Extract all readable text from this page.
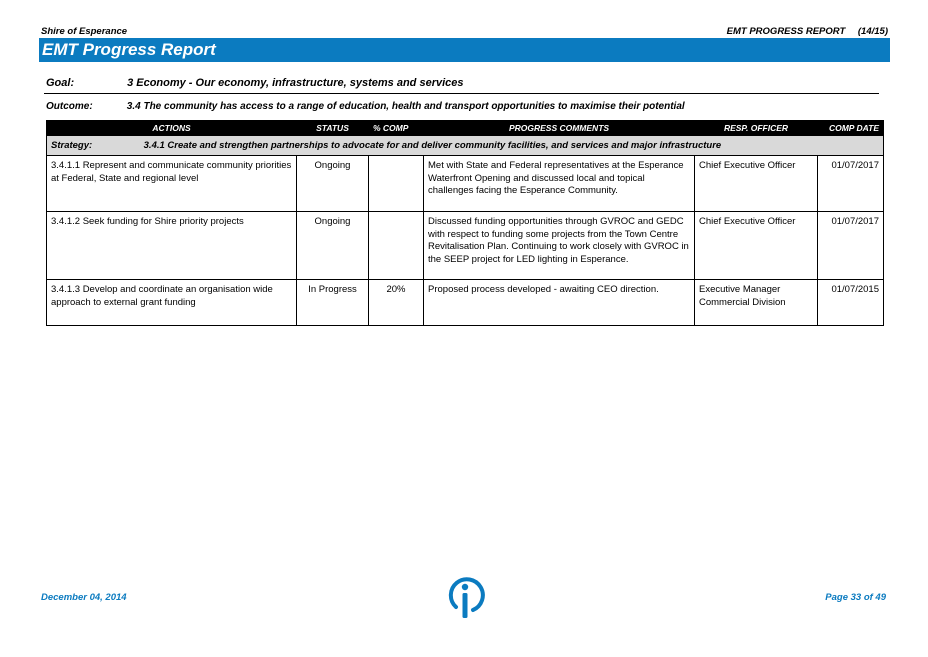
Shire of Esperance	EMT PROGRESS REPORT (14/15)
EMT Progress Report
Goal:	3 Economy - Our economy, infrastructure, systems and services
Outcome:	3.4 The community has access to a range of education, health and transport opportunities to maximise their potential
ACTIONS	STATUS	% COMP	PROGRESS COMMENTS	RESP. OFFICER	COMP DATE
Strategy: 3.4.1 Create and strengthen partnerships to advocate for and deliver community facilities, and services and major infrastructure					
3.4.1.1 Represent and communicate community priorities at Federal, State and regional level	Ongoing		Met with State and Federal representatives at the Esperance Waterfront Opening and discussed local and topical challenges facing the Esperance Community.	Chief Executive Officer	01/07/2017
3.4.1.2 Seek funding for Shire priority projects	Ongoing		Discussed funding opportunities through GVROC and GEDC with respect to funding some projects from the Town Centre Revitalisation Plan. Continuing to work closely with GVROC in the SEEP project for LED lighting in Esperance.	Chief Executive Officer	01/07/2017
3.4.1.3 Develop and coordinate an organisation wide approach to external grant funding	In Progress	20%	Proposed process developed - awaiting CEO direction.	Executive Manager Commercial Division	01/07/2015
December 04, 2014	Page 33 of 49
